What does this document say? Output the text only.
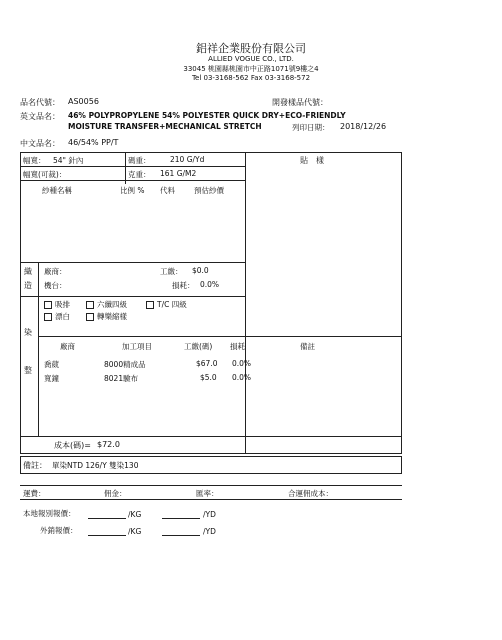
鋁祥企業股份有限公司
ALLIED VOGUE CO., LTD.
33045 桃園縣桃園市中正路1071號9樓之4
Tel 03-3168-562 Fax 03-3168-572
品名代號： AS0056	開發樣品代號：
英文品名： 46% POLYPROPYLENE 54% POLYESTER QUICK DRY+ECO-FRIENDLY
MOISTURE TRANSFER+MECHANICAL STRETCH	列印日期： 2018/12/26
中文品名： 46/54% PP/T
幅寬： 54" 針內	碼重：	210 G/Yd	貼　樣
幅寬(可裁)：	克重： 161 G/M2
紗種名稱	比例 % 代料	預估紗價
織
造
廠商：
機台：
工繳： $0.0
損耗： 0.0%
染
整
吸排	六纖四級	T/C 四級
漂白	轉樂縮樣
廠商	加工項目	工繳(碼) 損耗	備註
喬葳	8000精成品	$67.0 0.0%
寬鐘	8021驗布	$5.0 0.0%
成本(碼)= $72.0
備註： 單染NTD 126/Y 雙染130
運費：	佣金：	匯率：	合運佣成本：
本地報別報價：	/KG	/YD
外銷報價：	/KG	/YD
